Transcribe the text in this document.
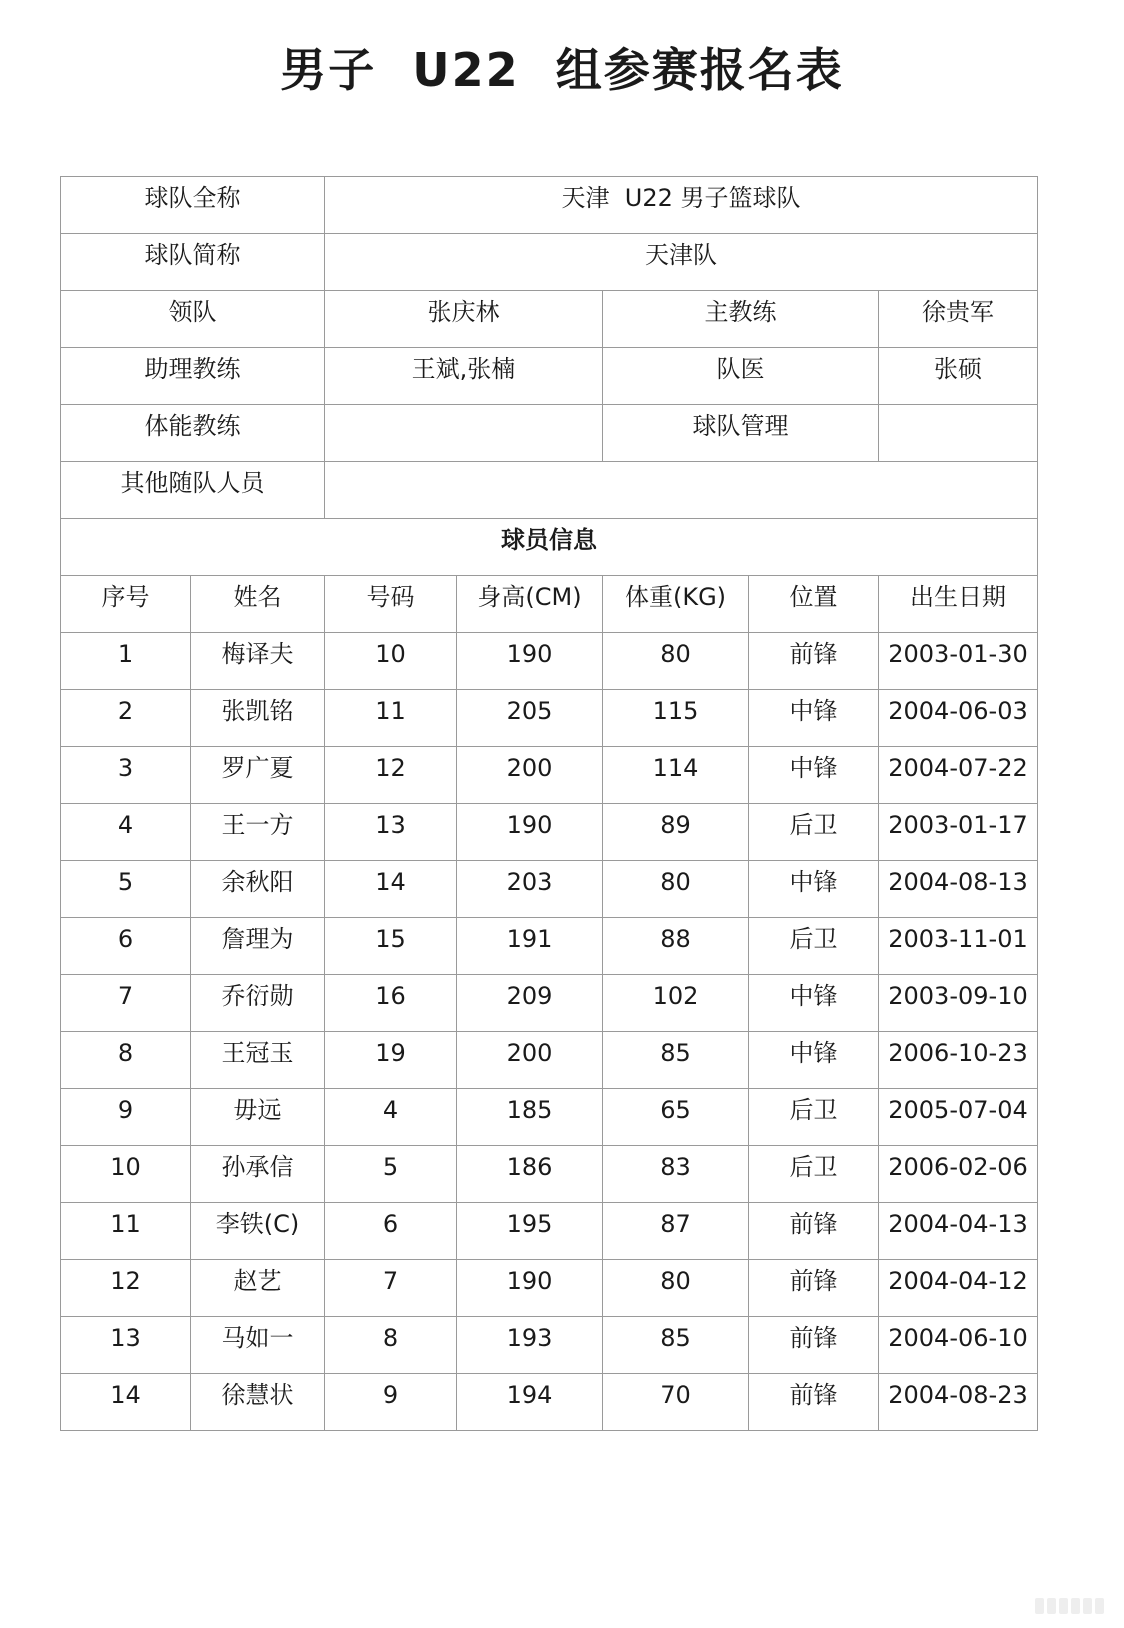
男子  U22  组参赛报名表
球队全称		天津  U22 男子篮球队				
球队简称		天津队				
领队		张庆林		主教练		徐贵军
助理教练		王斌,张楠		队医		张硕
体能教练				球队管理		
其他随队人员						
球员信息						
序号	姓名	号码	身高(CM)	体重(KG)	位置	出生日期
1	梅译夫	10	190	80	前锋	2003-01-30
2	张凯铭	11	205	115	中锋	2004-06-03
3	罗广夏	12	200	114	中锋	2004-07-22
4	王一方	13	190	89	后卫	2003-01-17
5	余秋阳	14	203	80	中锋	2004-08-13
6	詹理为	15	191	88	后卫	2003-11-01
7	乔衍勋	16	209	102	中锋	2003-09-10
8	王冠玉	19	200	85	中锋	2006-10-23
9	毋远	4	185	65	后卫	2005-07-04
10	孙承信	5	186	83	后卫	2006-02-06
11	李铁(C)	6	195	87	前锋	2004-04-13
12	赵艺	7	190	80	前锋	2004-04-12
13	马如一	8	193	85	前锋	2004-06-10
14	徐慧状	9	194	70	前锋	2004-08-23
